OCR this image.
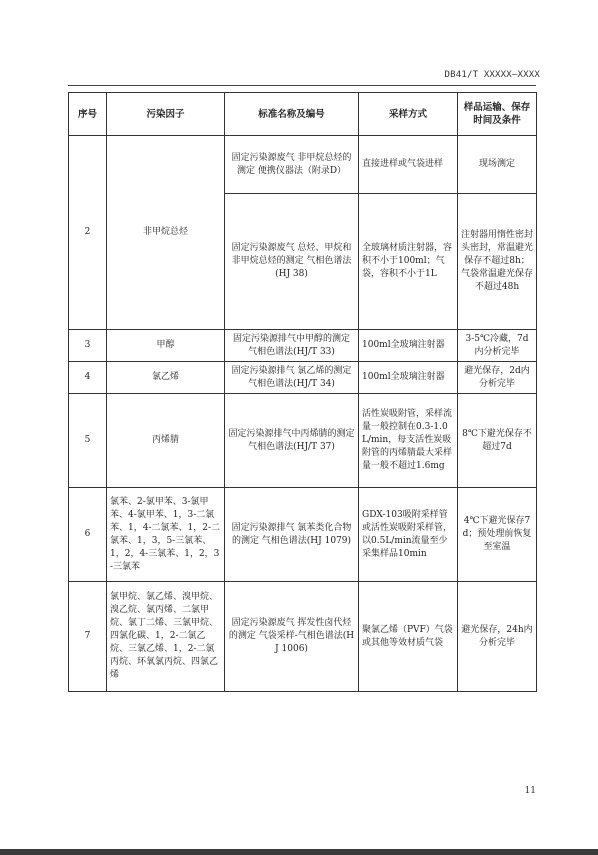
DB41/T XXXXX—XXXX
序号	污染因子	标准名称及编号	采样方式	样品运输、保存时间及条件
2	非甲烷总烃	固定污染源废气 非甲烷总烃的测定 便携仪器法（附录D）	直接进样或气袋进样	现场测定
		固定污染源废气 总烃、甲烷和非甲烷总烃的测定 气相色谱法(HJ 38)	全玻璃材质注射器，容积不小于100ml；气袋，容积不小于1L	注射器用惰性密封头密封，常温避光保存不超过8h；气袋常温避光保存不超过48h
3	甲醇	固定污染源排气中甲醇的测定 气相色谱法(HJ/T 33)	100ml全玻璃注射器	3-5℃冷藏，7d内分析完毕
4	氯乙烯	固定污染源排气 氯乙烯的测定 气相色谱法(HJ/T 34)	100ml全玻璃注射器	避光保存，2d内分析完毕
5	丙烯腈	固定污染源排气中丙烯腈的测定 气相色谱法(HJ/T 37)	活性炭吸附管，采样流量一般控制在0.3-1.0L/min，每支活性炭吸附管的丙烯腈最大采样量一般不超过1.6mg	8℃下避光保存不超过7d
6	氯苯、2-氯甲苯、3-氯甲苯、4-氯甲苯、1，3-二氯苯、1，4-二氯苯、1，2-二氯苯、1，3，5-三氯苯、1，2，4-三氯苯、1，2，3-三氯苯	固定污染源排气 氯苯类化合物的测定 气相色谱法(HJ 1079)	GDX-103吸附采样管或活性炭吸附采样管，以0.5L/min流量至少采集样品10min	4℃下避光保存7d；预处理前恢复至室温
7	氯甲烷、氯乙烯、溴甲烷、溴乙烷、氯丙烯、二氯甲烷、氯丁二烯、三氯甲烷、四氯化碳、1，2-二氯乙烷、三氯乙烯、1，2-二氯丙烷、环氧氯丙烷、四氯乙烯	固定污染源废气 挥发性卤代烃的测定 气袋采样-气相色谱法(HJ 1006)	聚氯乙烯（PVF）气袋或其他等效材质气袋	避光保存，24h内分析完毕
11
